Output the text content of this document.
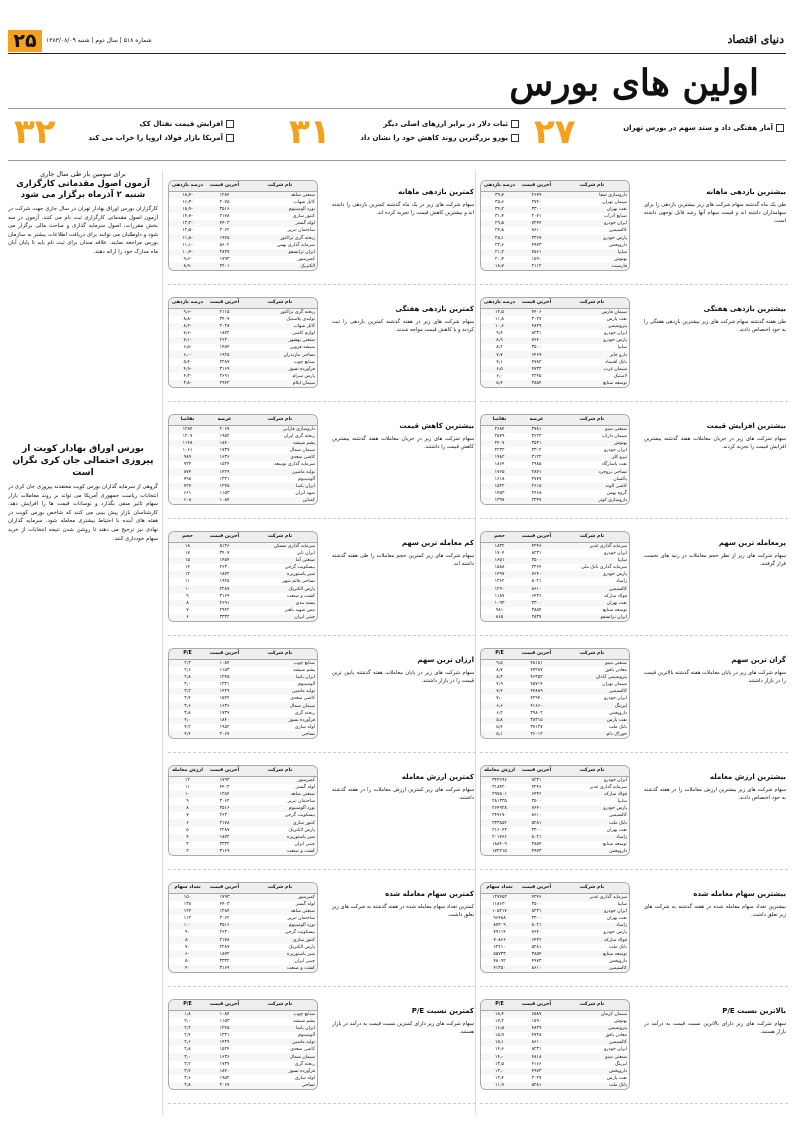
۲۵	شماره ۵۱۸ | سال دوم | شنبه ۱۳۸۳/۰۸/۰۹	دنیای اقتصاد
اولین های بورس
۲۷	آمار هفتگی داد و ستد سهم در بورس تهران
۳۱	ثبات دلار در برابر ارزهای اصلی دیگر
یورو بزرگترین روند کاهش خود را نشان داد
۳۲	افزایش قیمت نفتال کک
آمریکا بازار فولاد اروپا را خراب می کند
برای سومین بار طی سال جاری
آزمون اصول مقدماتی کارگزاری شنبه ۲ آذرماه برگزار می شود
کارگزاران بورس اوراق بهادار تهران در سال جاری جهت شرکت در آزمون اصول مقدماتی کارگزاری ثبت نام می کنند. آزمون در سه بخش مقررات، اصول سرمایه گذاری و مباحث مالی برگزار می شود و داوطلبان می توانند برای دریافت اطلاعات بیشتر به سازمان بورس مراجعه نمایند. علاقه مندان برای ثبت نام باید تا پایان آبان ماه مدارک خود را ارائه دهند.
بورس اوراق بهادار کویت از پیروزی احتمالی جان کری نگران است
گروهی از سرمایه گذاران بورس کویت معتقدند پیروزی جان کری در انتخابات ریاست جمهوری آمریکا می تواند بر روند معاملات بازار سهام تاثیر منفی بگذارد و نوسانات قیمت ها را افزایش دهد. کارشناسان بازار پیش بینی می کنند که شاخص بورس کویت در هفته های آینده با احتیاط بیشتری معامله شود. سرمایه گذاران نهادی نیز ترجیح می دهند تا روشن شدن نتیجه انتخابات از خرید سهام خودداری کنند.
بیشترین بازدهی ماهانه
طی یک ماه گذشته سهام شرکت های زیر بیشترین بازدهی را برای سهامداران داشته اند و قیمت سهام آنها رشد قابل توجهی داشته است.
نام شرکت	آخرین قیمت	درصد بازدهی
داروسازی شفا	۲۶۷۹	۳۹٫۷
سیمان تهران	۲۷۴۰	۳۵٫۶
نفت بهران	۳۳۰۰	۳۴٫۲
صنایع آذرآب	۲۰۷۱	۳۱٫۴
ایران خودرو	۷۲۴۴	۲۹٫۵
کالسیمین	۸۶۱۰	۲۷٫۸
پارس خودرو	۳۳۶۷	۲۵٫۱
داروپخش	۴۹۷۳	۲۳٫۶
سایپا	۴۵۶۱	۲۱٫۲
بهنوش	۱۵۹۰	۲۰٫۴
فارسیت	۲۱۱۲	۱۸٫۷
کمترین بازدهی ماهانه
سهام شرکت های زیر در یک ماه گذشته کمترین بازدهی را داشته اند و بیشترین کاهش قیمت را تجربه کرده اند.
نام شرکت	آخرین قیمت	درصد بازدهی
صنعتی شاهد	۱۲۸۴	-۱۸٫۴
کابل شهاب	۲۰۷۵	-۱۶٫۳
نورد آلومینیوم	۳۵۱۶	-۱۵٫۹
کنتور سازی	۲۱۷۸	-۱۴٫۷
لوله گستر	۴۴۰۳	-۱۳٫۲
ساختمان تبریز	۳۰۶۲	-۱۲٫۵
ریخته گری تراکتور	۱۹۴۵	-۱۱٫۸
سرمایه گذاری بهمن	۵۶۰۲	-۱۱٫۱
ایران ترانسفو	۲۸۳۷	-۱۰٫۴
کمپرسور	۱۷۹۳	-۹٫۶
الکتریک	۲۴۰۱	-۸٫۹
بیشترین بازدهی هفتگی
طی هفته گذشته سهام شرکت های زیر بیشترین بازدهی هفتگی را به خود اختصاص دادند.
نام شرکت	آخرین قیمت	درصد بازدهی
سیمان فارس	۴۴۰۶	۱۲٫۵
نفت پارس	۳۰۲۷	۱۱٫۸
پتروشیمی	۴۸۲۹	۱۰٫۶
ایران خودرو	۸۲۳۱	۹٫۴
پارس خودرو	۷۶۴۰	۸٫۹
سایپا	۳۵۰۰	۸٫۲
دارو جابر	۶۴۶۷	۷٫۷
بانک اقتصاد	۴۷۸۲	۷٫۱
سیمان غرب	۴۷۳۲	۶٫۵
لاستیک	۲۲۴۵	۶٫۰
توسعه صنایع	۳۸۵۴	۵٫۴
کمترین بازدهی هفتگی
سهام شرکت های زیر در هفته گذشته کمترین بازدهی را ثبت کردند و با کاهش قیمت مواجه شدند.
نام شرکت	آخرین قیمت	درصد بازدهی
ریخته گری تراکتور	۲۱۱۵	-۹٫۶
تولیدی پلاستیک	۳۴۰۷	-۸٫۸
کابل شهاب	۲۰۲۸	-۸٫۲
لوازم کاشی	۱۸۷۲	-۷٫۶
صنعتی بهشهر	۲۶۳۰	-۷٫۱
شیشه قزوین	۱۴۵۴	-۶٫۵
نساجی مازندران	۱۹۲۵	-۶٫۰
صنایع چوب	۲۲۸۷	-۵٫۴
فرآورده نسوز	۳۱۶۹	-۴٫۹
پارس سرام	۲۶۹۱	-۴٫۳
سیمان ایلام	۲۹۴۲	-۳٫۸
بیشترین افزایش قیمت
سهام شرکت های زیر در جریان معاملات هفته گذشته بیشترین افزایش قیمت را تجربه کردند.
نام شرکت	عرضه	تقاضا
صنعتی مینو	۳۷۸۱	۲۶۸۴
سیمان داراب	۳۶۲۳	۲۵۷۹
بهنوش	۳۵۳۱	۲۴۰۷
ایران خودرو	۳۳۰۲	۲۲۳۲
نیرو کلر	۳۱۲۲	۱۹۸۲
نفت پاسارگاد	۲۹۸۵	۱۸۶۴
نساجی بروجرد	۲۸۷۱	۱۷۶۵
پاکسان	۲۷۷۷	۱۶۱۸
کاشی الوند	۲۶۱۵	۱۵۲۲
گروه بهمن	۲۴۶۸	۱۴۵۳
داروسازی کوثر	۲۳۴۷	۱۳۹۷
بیشترین کاهش قیمت
سهام شرکت های زیر در جریان معاملات هفته گذشته بیشترین کاهش قیمت را داشتند.
نام شرکت	عرضه	تقاضا
داروسازی فارابی	۲۰۶۷	۱۲۸۴
ریخته گری ایران	۱۹۵۲	۱۲۰۷
پشم شیشه	۱۸۴۰	۱۱۴۸
سیمان شمال	۱۷۳۷	۱۰۶۱
کاشی سعدی	۱۶۳۶	۹۸۹
سرمایه گذاری توسعه	۱۵۲۴	۹۳۴
تولید ماشین	۱۴۲۹	۸۷۴
آلومینیوم	۱۳۳۱	۷۹۸
ایران یاسا	۱۲۴۵	۷۲۷
شهد ایران	۱۱۵۳	۶۶۱
کمباین	۱۰۸۴	۶۰۸
پرمعامله ترین سهم
سهام شرکت های زیر از نظر حجم معاملات در رتبه های نخست قرار گرفتند.
نام شرکت	آخرین قیمت	حجم
سرمایه گذاری غدیر	۴۲۴۶	۱۸۳۲
ایران خودرو	۸۲۳۱	۱۷۰۴
سایپا	۳۵۰۰	۱۶۵۱
سرمایه گذاری بانک ملی	۳۳۶۴	۱۵۸۸
پارس خودرو	۷۶۴۰	۱۴۹۷
زامیاد	۵۰۲۱	۱۳۶۲
کالسیمین	۸۶۱۰	۱۲۹۰
فولاد مبارکه	۶۴۳۶	۱۱۸۷
نفت بهران	۳۳۰۰	۱۰۹۳
توسعه صنایع	۳۸۵۴	۹۸۱
ایران ترانسفو	۲۸۳۷	۸۶۵
کم معامله ترین سهم
سهام شرکت های زیر کمترین حجم معاملات را طی هفته گذشته داشته اند.
نام شرکت	آخرین قیمت	حجم
سرمایه گذاری مسکن	۵۱۲۶	۱۸
ایران تایر	۳۴۰۷	۱۷
صنعتی آما	۱۴۵۴	۱۵
بیسکویت گرجی	۲۶۳۰	۱۴
شیر پاستوریزه	۱۸۷۲	۱۲
نساجی قائم شهر	۱۹۲۵	۱۱
پارس الکتریک	۲۲۸۷	۱۰
کشت و صنعت	۳۱۶۹	۹
بسته بندی	۲۶۹۱	۸
مس شهید باهنر	۲۹۴۲	۷
چینی ایران	۳۳۳۲	۶
گران ترین سهم
سهام شرکت های زیر در پایان معاملات هفته گذشته بالاترین قیمت را در بازار داشتند.
نام شرکت	آخرین قیمت	P/E
صنعتی مینو	۴۸۱۸۱	۹٫۵
معادن بافق	۴۷۲۸۷	۸٫۷
پتروشیمی آبادان	۴۶۳۵۲	۸٫۳
سیمان تهران	۴۵۷۱۴	۷٫۹
کالسیمین	۴۴۸۸۹	۷٫۴
ایران خودرو	۴۲۹۴۰	۷٫۰
لیزینگ	۴۱۶۶۰	۶٫۶
داروپخش	۳۹۸۰۲	۶٫۲
نفت پارس	۳۸۳۱۵	۵٫۸
بانک ملت	۳۷۱۲۷	۵٫۴
خوراک دام	۳۶۰۱۲	۵٫۱
ارزان ترین سهم
سهام شرکت های زیر در پایان معاملات هفته گذشته پایین ترین قیمت را در بازار داشتند.
نام شرکت	آخرین قیمت	P/E
صنایع چوب	۱۰۸۴	۲٫۳
پشم شیشه	۱۱۵۳	۲٫۶
ایران یاسا	۱۲۴۵	۲٫۸
آلومینیوم	۱۳۳۱	۳٫۰
تولید ماشین	۱۴۲۹	۳٫۲
کاشی سعدی	۱۵۲۴	۳٫۴
سیمان شمال	۱۶۳۶	۳٫۶
ریخته گری	۱۷۳۷	۳٫۸
فرآورده نسوز	۱۸۴۰	۴٫۰
لوله سازی	۱۹۵۲	۴٫۲
نساجی	۲۰۶۷	۴٫۴
بیشترین ارزش معامله
سهام شرکت های زیر بیشترین ارزش معاملات را در هفته گذشته به خود اختصاص دادند.
نام شرکت	آخرین قیمت	ارزش معامله
ایران خودرو	۸۲۳۱	۳۴۳۶۹۶
سرمایه گذاری غدیر	۴۲۴۶	۳۱۸۴۲۰
فولاد مبارکه	۶۴۳۶	۲۹۷۵۰۱
سایپا	۳۵۰۰	۲۸۱۳۳۵
پارس خودرو	۷۶۴۰	۲۶۴۹۲۸
کالسیمین	۸۶۱۰	۲۴۷۱۷۰
بانک ملت	۵۲۸۱	۲۳۳۸۵۲
نفت بهران	۳۳۰۰	۲۱۶۰۴۳
زامیاد	۵۰۲۱	۲۰۱۷۶۶
توسعه صنایع	۳۸۵۴	۱۸۸۴۰۹
داروپخش	۴۹۷۳	۱۷۲۲۱۵
کمترین ارزش معامله
سهام شرکت های زیر کمترین ارزش معاملات را در هفته گذشته داشتند.
نام شرکت	آخرین قیمت	ارزش معامله
کمپرسور	۱۷۹۳	۱۲
لوله گستر	۴۴۰۳	۱۱
صنعتی شاهد	۱۲۸۴	۱۰
ساختمان تبریز	۳۰۶۲	۹
نورد آلومینیوم	۳۵۱۶	۸
بیسکویت گرجی	۲۶۳۰	۷
کنتور سازی	۲۱۷۸	۶
پارس الکتریک	۲۲۸۷	۵
شیر پاستوریزه	۱۸۷۲	۴
چینی ایران	۳۳۳۲	۳
کشت و صنعت	۳۱۶۹	۲
بیشترین سهام معامله شده
بیشترین تعداد سهام معامله شده در هفته گذشته به شرکت های زیر تعلق داشت.
نام شرکت	آخرین قیمت	تعداد سهام
سرمایه گذاری غدیر	۴۲۴۶	۱۲۷۴۵۲
سایپا	۳۵۰۰	۱۱۸۶۳۰
ایران خودرو	۸۲۳۱	۱۰۵۲۱۷
نفت بهران	۳۳۰۰	۹۶۴۸۸
زامیاد	۵۰۲۱	۸۷۳۰۹
پارس خودرو	۷۶۴۰	۷۹۱۱۴
فولاد مبارکه	۶۴۳۶	۷۰۸۶۶
بانک ملت	۵۲۸۱	۶۲۴۱۰
توسعه صنایع	۳۸۵۴	۵۵۷۳۳
داروپخش	۴۹۷۳	۴۸۰۹۲
کالسیمین	۸۶۱۰	۴۱۳۵۰
کمترین سهام معامله شده
کمترین تعداد سهام معامله شده در هفته گذشته به شرکت های زیر تعلق داشت.
نام شرکت	آخرین قیمت	تعداد سهام
کمپرسور	۱۷۹۳	۱۵۰
لوله گستر	۴۴۰۳	۱۳۸
صنعتی شاهد	۱۲۸۴	۱۲۴
ساختمان تبریز	۳۰۶۲	۱۱۲
نورد آلومینیوم	۳۵۱۶	۱۰۰
بیسکویت گرجی	۲۶۳۰	۹۰
کنتور سازی	۲۱۷۸	۸۰
پارس الکتریک	۲۲۸۷	۷۰
شیر پاستوریزه	۱۸۷۲	۶۰
چینی ایران	۳۳۳۲	۵۰
کشت و صنعت	۳۱۶۹	۴۰
بالاترین نسبت P/E
سهام شرکت های زیر دارای بالاترین نسبت قیمت به درآمد در بازار هستند.
نام شرکت	آخرین قیمت	P/E
سیمان کرمان	۶۵۸۷	۱۸٫۴
بهنوش	۱۵۹۰	۱۷٫۲
پتروشیمی	۴۸۲۹	۱۶٫۵
معادن بافق	۴۷۲۸	۱۵٫۹
کالسیمین	۸۶۱۰	۱۵٫۱
ایران خودرو	۸۲۳۱	۱۴٫۶
صنعتی مینو	۴۸۱۸	۱۴٫۰
لیزینگ	۴۱۶۶	۱۳٫۵
داروپخش	۴۹۷۳	۱۳٫۰
نفت پارس	۳۰۲۷	۱۲٫۴
بانک ملت	۵۲۸۱	۱۱٫۹
کمترین نسبت P/E
سهام شرکت های زیر دارای کمترین نسبت قیمت به درآمد در بازار هستند.
نام شرکت	آخرین قیمت	P/E
صنایع چوب	۱۰۸۴	۱٫۸
پشم شیشه	۱۱۵۳	۲٫۰
ایران یاسا	۱۲۴۵	۲٫۲
آلومینیوم	۱۳۳۱	۲٫۴
تولید ماشین	۱۴۲۹	۲٫۶
کاشی سعدی	۱۵۲۴	۲٫۸
سیمان شمال	۱۶۳۶	۳٫۰
ریخته گری	۱۷۳۷	۳٫۲
فرآورده نسوز	۱۸۴۰	۳٫۴
لوله سازی	۱۹۵۲	۳٫۶
نساجی	۲۰۶۷	۳٫۸
